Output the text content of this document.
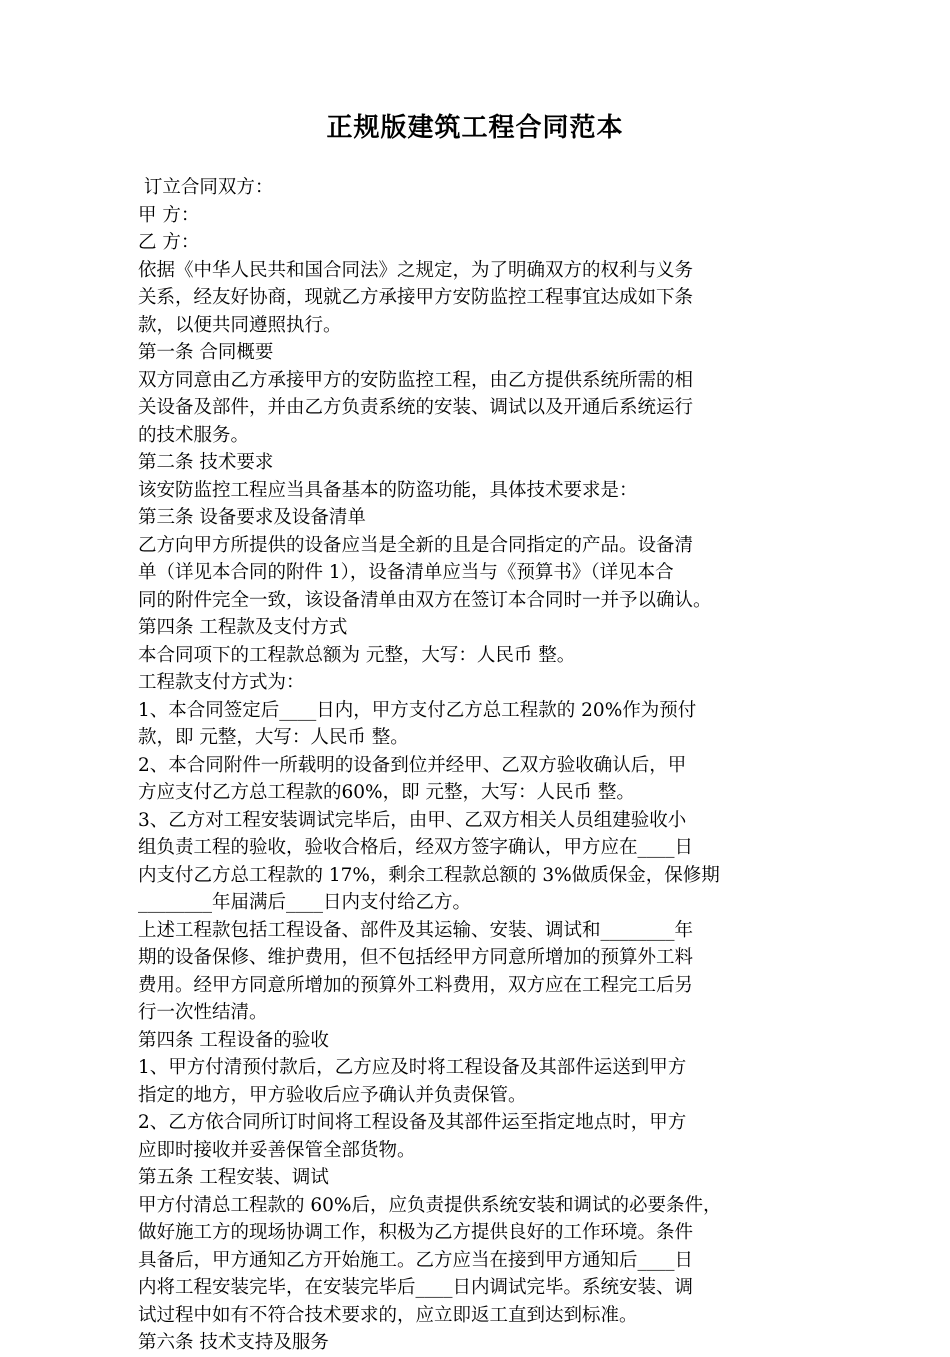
正规版建筑工程合同范本
订立合同双方：
甲 方：
乙 方：
依据《中华人民共和国合同法》之规定，为了明确双方的权利与义务
关系，经友好协商，现就乙方承接甲方安防监控工程事宜达成如下条
款，以便共同遵照执行。
第一条 合同概要
双方同意由乙方承接甲方的安防监控工程，由乙方提供系统所需的相
关设备及部件，并由乙方负责系统的安装、调试以及开通后系统运行
的技术服务。
第二条 技术要求
该安防监控工程应当具备基本的防盗功能，具体技术要求是：
第三条 设备要求及设备清单
乙方向甲方所提供的设备应当是全新的且是合同指定的产品。设备清
单（详见本合同的附件 1），设备清单应当与《预算书》（详见本合
同的附件完全一致，该设备清单由双方在签订本合同时一并予以确认。
第四条 工程款及支付方式
本合同项下的工程款总额为 元整，大写：人民币 整。
工程款支付方式为：
1、本合同签定后____日内，甲方支付乙方总工程款的 20%作为预付
款，即 元整，大写：人民币 整。
2、本合同附件一所载明的设备到位并经甲、乙双方验收确认后，甲
方应支付乙方总工程款的60%，即 元整，大写：人民币 整。
3、乙方对工程安装调试完毕后，由甲、乙双方相关人员组建验收小
组负责工程的验收，验收合格后，经双方签字确认，甲方应在____日
内支付乙方总工程款的 17%，剩余工程款总额的 3%做质保金，保修期
________年届满后____日内支付给乙方。
上述工程款包括工程设备、部件及其运输、安装、调试和________年
期的设备保修、维护费用，但不包括经甲方同意所增加的预算外工料
费用。经甲方同意所增加的预算外工料费用，双方应在工程完工后另
行一次性结清。
第四条 工程设备的验收
1、甲方付清预付款后，乙方应及时将工程设备及其部件运送到甲方
指定的地方，甲方验收后应予确认并负责保管。
2、乙方依合同所订时间将工程设备及其部件运至指定地点时，甲方
应即时接收并妥善保管全部货物。
第五条 工程安装、调试
甲方付清总工程款的 60%后，应负责提供系统安装和调试的必要条件，
做好施工方的现场协调工作，积极为乙方提供良好的工作环境。条件
具备后，甲方通知乙方开始施工。乙方应当在接到甲方通知后____日
内将工程安装完毕，在安装完毕后____日内调试完毕。系统安装、调
试过程中如有不符合技术要求的，应立即返工直到达到标准。
第六条 技术支持及服务
